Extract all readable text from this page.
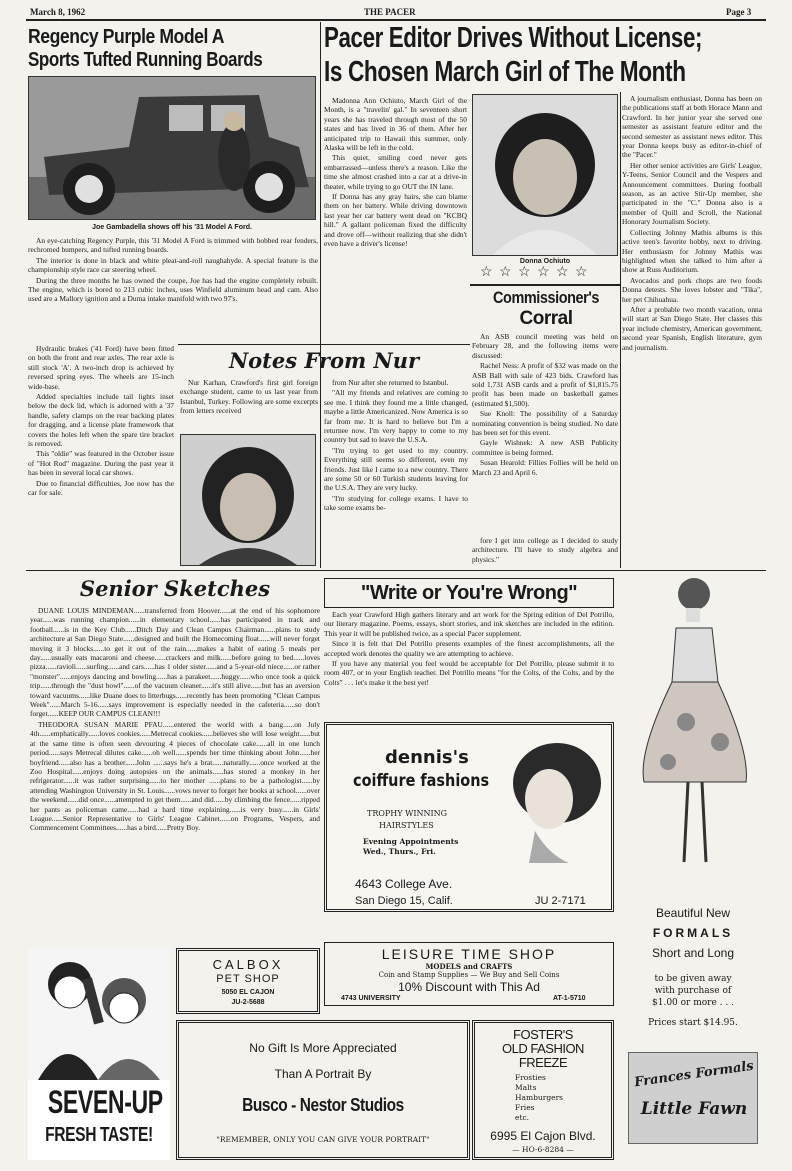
March 8, 1962	THE PACER	Page 3
Regency Purple Model A
Sports Tufted Running Boards
Joe Gambadella shows off his '31 Model A Ford.

An eye-catching Regency Purple, this '31 Model A Ford is trimmed with bobbed rear fenders, rechromed bumpers, and tufted running boards.

The interior is done in black and white pleat-and-roll naughahyde. A special feature is the championship style race car steering wheel.

During the three months he has owned the coupe, Joe has had the engine completely rebuilt. The engine, which is bored to 213 cubic inches, uses Winfield aluminum head and cam. Also used are a Mallory ignition and a Duma intake manifold with two 97's.

Hydraulic brakes ('41 Ford) have been fitted on both the front and rear axles. The rear axle is still stock 'A'. A two-inch drop is achieved by reversed spring eyes. The wheels are 15-inch wide-base.

Added specialties include tail lights inset below the deck lid, which is adorned with a '37 handle, safety clamps on the rear backing plates for dragging, and a license plate framework that covers the holes left when the spare tire bracket is removed.

This "oldie" was featured in the October issue of "Hot Rod" magazine. During the past year it has been in several local car shows.

Due to financial difficulties, Joe now has the car for sale.

Pacer Editor Drives Without License;
Is Chosen March Girl of The Month

Madonna Ann Ochiuto, March Girl of the Month, is a "travelin' gal." In seventeen short years she has traveled through most of the 50 states and has lived in 36 of them. After her anticipated trip to Hawaii this summer, only Alaska will be left in the cold.

This quiet, smiling coed never gets embarrassed—unless there's a reason. Like the time she almost crashed into a car at a drive-in theater, while trying to go OUT the IN lane.

If Donna has any gray hairs, she can blame them on her battery. While driving downtown last year her car battery went dead on "KCBQ hill." A gallant policeman fixed the difficulty and drove off—without realizing that she didn't even have a driver's license!

Donna Ochiuto
☆ ☆ ☆ ☆ ☆ ☆

A journalism enthusiast, Donna has been on the publications staff at both Horace Mann and Crawford. In her junior year she served one semester as assistant feature editor and the second semester as assistant news editor. This year Donna keeps busy as editor-in-chief of the "Pacer."

Her other senior activities are Girls' League, Y-Teens, Senior Council and the Vespers and Announcement committees. During football season, as an active Stir-Up member, she participated in the "C." Donna also is a member of Quill and Scroll, the National Honorary Journalism Society.

Collecting Johnny Mathis albums is this active teen's favorite hobby, next to driving. Her enthusiasm for Johnny Mathis was highlighted when she talked to him after a show at Russ Auditorium.

Avocados and pork chops are two foods Donna detests. She loves lobster and "Tika", her pet Chihuahua.

After a probable two month vacation, onna will start at San Diego State. Her classes this year include chemistry, American government, second year Spanish, English literature, gym and journalism.

Commissioner's
Corral

An ASB council meeting was held on February 28, and the following items were discussed:

Rachel Ness: A profit of $32 was made on the ASB Ball with sale of 423 bids. Crawford has sold 1,731 ASB cards and a profit of $1,815.75 profit has been made on basketball games (estimated $1,500).

Sue Knoll: The possibility of a Saturday nominating convention is being studied. No date has been set for this event.

Gayle Wishnek: A new ASB Publicity committee is being formed.

Susan Hearold: Fillies Follies will be held on March 23 and April 6.

Notes From Nur

Nur Karhan, Crawford's first girl foreign exchange student, came to us last year from Istanbul, Turkey. Following are some excerpts from letters received

from Nur after she returned to Istanbul.

"All my friends and relatives are coming to see me. I think they found me a little changed, maybe a little Americanized. Now America is so far from me. It is hard to believe but I'm a returnee now. I'm very happy to come to my country but sad to leave the U.S.A.

"I'm trying to get used to my country. Everything still seems so different, even my friends. Just like I came to a new country. There are some 50 or 60 Turkish students leaving for the U.S.A. They are very lucky.

"I'm studying for college exams. I have to take some exams be-

fore I get into college as I decided to study architecture. I'll have to study algebra and physics."

Senior Sketches

DUANE LOUIS MINDEMAN......transferred from Hoover......at the end of his sophomore year......was running champion......in elementary school......has participated in track and football......is in the Key Club......Ditch Day and Clean Campus Chairman......plans to study architecture at San Diego State......designed and built the Homecoming float......will never forget moving it 3 blocks......to get it out of the rain......makes a habit of eating 5 meals per day......usually eats macaroni and cheese......crackers and milk......before going to bed......loves pizza......ravioli......surfing......and cars......has 1 older sister......and a 5-year-old niece......or rather "monster"......enjoys dancing and bowling......has a parakeet......huggy......who once took a quick trip......through the "dust bowl"......of the vacuum cleaner......it's still alive......but has an aversion toward vacuums......like Duane does to litterbugs......recently has been promoting "Clean Campus Week"......March 5-16......says improvement is especially needed in the cafeteria......so don't forget......KEEP OUR CAMPUS CLEAN!!!

THEODORA SUSAN MARIE PFAU......entered the world with a bang......on July 4th......emphatically......loves cookies......Metrecal cookies......believes she will lose weight......but at the same time is often seen devouring 4 pieces of chocolate cake......all in one lunch period......says Metrecal dilutes cake......oh well......spends her time thinking about John......her boyfriend......also has a brother......John ......says he's a brat......naturally......once worked at the Zoo Hospital......enjoys doing autopsies on the animals......has stored a monkey in her refrigerator......it was rather surprising......to her mother ......plans to be a pathologist......by attending Washington University in St. Louis......vows never to forget her books at school......over the weekend......did once......attempted to get them......and did......by climbing the fence......ripped her pants as policeman came......had a hard time explaining......is very busy......in Girls' League......Senior Representative to Girls' League Cabinet......on Programs, Vespers, and Commencement Committees......has a bird......Pretty Boy.

"Write or You're Wrong"

Each year Crawford High gathers literary and art work for the Spring edition of Del Potrillo, our literary magazine. Poems, essays, short stories, and ink sketches are included in the edition. This year it will be published twice, as a special Pacer supplement.

Since it is felt that Del Potrillo presents examples of the finest accomplishments, all the accepted work denotes the quality we are attempting to achieve.

If you have any material you feel would be acceptable for Del Potrillo, please submit it to room 407, or to your English teacher. Del Potrillo means "for the Colts, of the Colts, and by the Colts" . . . let's make it the best yet!

dennis's
coiffure fashions
TROPHY WINNING
HAIRSTYLES
Evening Appointments
Wed., Thurs., Fri.
4643 College Ave.
San Diego 15, Calif.	JU 2-7171
Beautiful New
FORMALS
Short and Long
to be given away
with purchase of
$1.00 or more . . .
Prices start $14.95.
Frances Formals
Little Fawn
SEVEN-UP
FRESH TASTE!
CALBOX
PET SHOP
5050 EL CAJON
JU-2-5688
LEISURE TIME SHOP
MODELS and CRAFTS
Coin and Stamp Supplies — We Buy and Sell Coins
10% Discount with This Ad
4743 UNIVERSITY	AT-1-5710
No Gift Is More Appreciated
Than A Portrait By
Busco - Nestor Studios
"REMEMBER, ONLY YOU CAN GIVE YOUR PORTRAIT"
FOSTER'S
OLD FASHION
FREEZE
Frosties
Malts
Hamburgers
Fries
etc.
6995 El Cajon Blvd.
— HO-6-8284 —
